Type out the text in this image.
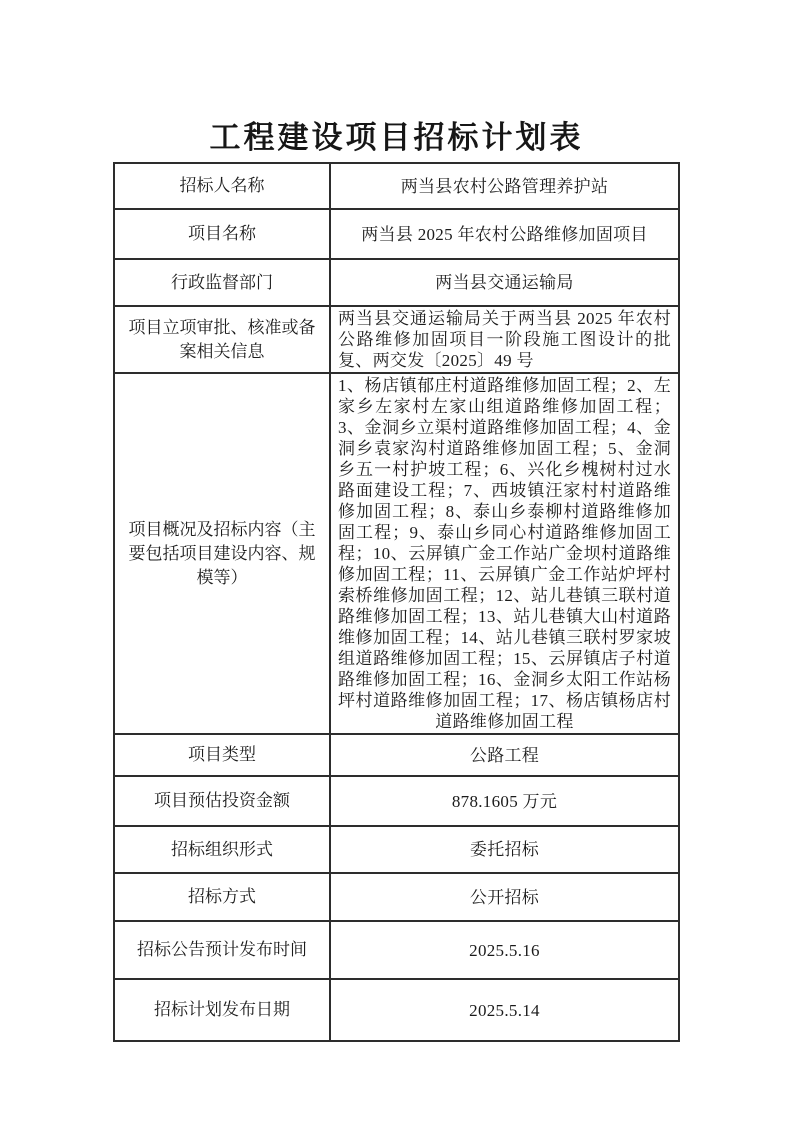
工程建设项目招标计划表
招标人名称	两当县农村公路管理养护站
项目名称	两当县 2025 年农村公路维修加固项目
行政监督部门	两当县交通运输局
项目立项审批、核准或备案相关信息	两当县交通运输局关于两当县 2025 年农村公路维修加固项目一阶段施工图设计的批复、两交发〔2025〕49 号
项目概况及招标内容（主要包括项目建设内容、规模等）	1、杨店镇郁庄村道路维修加固工程；2、左家乡左家村左家山组道路维修加固工程；3、金洞乡立渠村道路维修加固工程；4、金洞乡袁家沟村道路维修加固工程；5、金洞乡五一村护坡工程；6、兴化乡槐树村过水路面建设工程；7、西坡镇汪家村村道路维修加固工程；8、泰山乡泰柳村道路维修加固工程；9、泰山乡同心村道路维修加固工程；10、云屏镇广金工作站广金坝村道路维修加固工程；11、云屏镇广金工作站炉坪村索桥维修加固工程；12、站儿巷镇三联村道路维修加固工程；13、站儿巷镇大山村道路维修加固工程；14、站儿巷镇三联村罗家坡组道路维修加固工程；15、云屏镇店子村道路维修加固工程；16、金洞乡太阳工作站杨坪村道路维修加固工程；17、杨店镇杨店村道路维修加固工程
项目类型	公路工程
项目预估投资金额	878.1605 万元
招标组织形式	委托招标
招标方式	公开招标
招标公告预计发布时间	2025.5.16
招标计划发布日期	2025.5.14
